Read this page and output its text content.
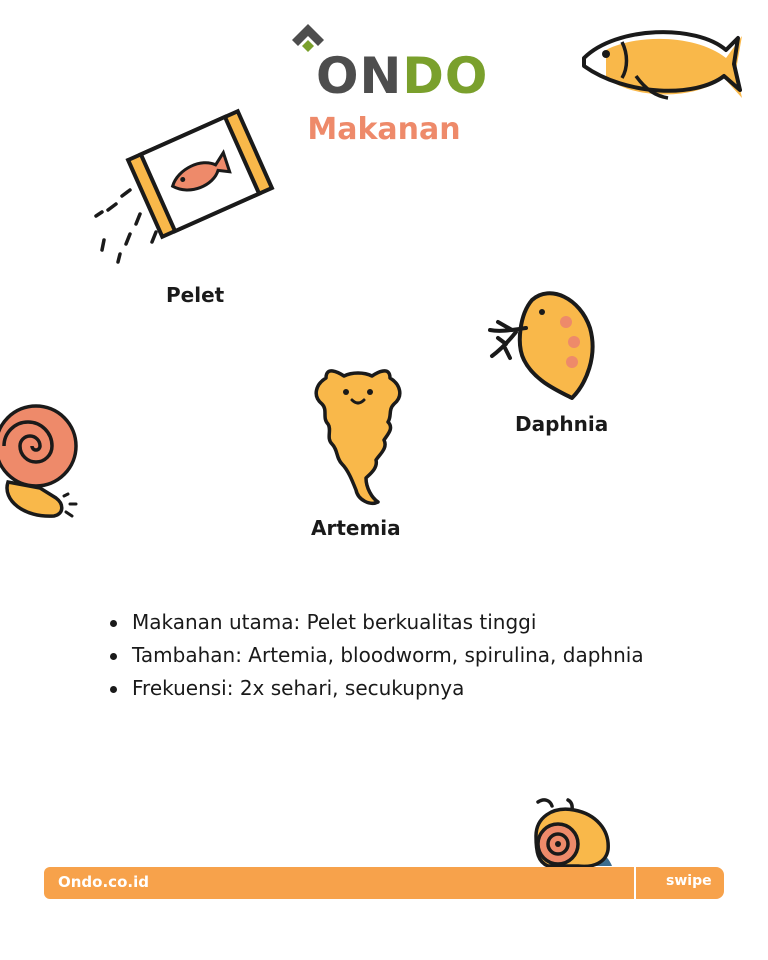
ONDO
Makanan
Pelet
Daphnia
Artemia
Makanan utama: Pelet berkualitas tinggi
Tambahan: Artemia, bloodworm, spirulina, daphnia
Frekuensi: 2x sehari, secukupnya
Ondo.co.id	swipe
